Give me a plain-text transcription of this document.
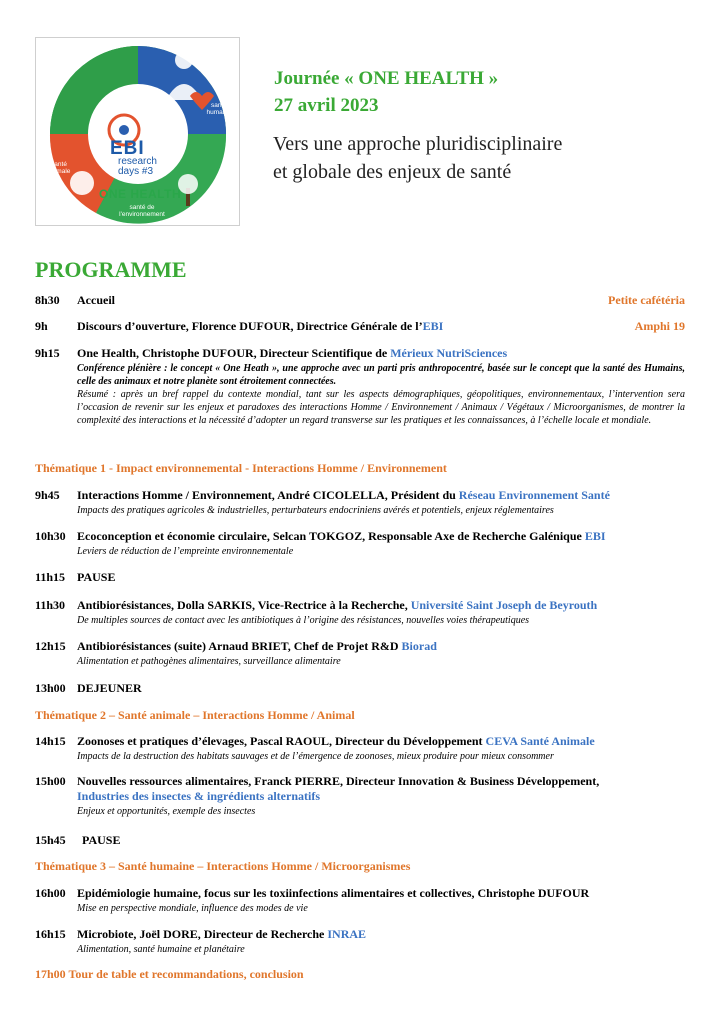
EBI
research
days #3
ONE HEALTH
santé humaine
santé animale
santé de l'environnement
Journée « ONE HEALTH »
27 avril 2023
Vers une approche pluridisciplinaire
et globale des enjeux de santé
PROGRAMME
8h30 Accueil	Petite cafétéria
9h Discours d’ouverture, Florence DUFOUR, Directrice Générale de l’EBI	Amphi 19
9h15 One Health, Christophe DUFOUR, Directeur Scientifique de Mérieux NutriSciences
Conférence plénière : le concept « One Heath », une approche avec un parti pris anthropocentré, basée sur le concept que la santé des Humains, celle des animaux et notre planète sont étroitement connectées.
Résumé : après un bref rappel du contexte mondial, tant sur les aspects démographiques, géopolitiques, environnementaux, l’intervention sera l’occasion de revenir sur les enjeux et paradoxes des interactions Homme / Environnement / Animaux / Végétaux / Microorganismes, de montrer la complexité des interactions et la nécessité d’adopter un regard transverse sur les pratiques et les connaissances, à l’échelle locale et mondiale.
Thématique 1 - Impact environnemental - Interactions Homme / Environnement
9h45 Interactions Homme / Environnement, André CICOLELLA, Président du Réseau Environnement Santé
Impacts des pratiques agricoles & industrielles, perturbateurs endocriniens avérés et potentiels, enjeux réglementaires
10h30 Ecoconception et économie circulaire, Selcan TOKGOZ, Responsable Axe de Recherche Galénique EBI
Leviers de réduction de l’empreinte environnementale
11h15 PAUSE
11h30 Antibiorésistances, Dolla SARKIS, Vice-Rectrice à la Recherche, Université Saint Joseph de Beyrouth
De multiples sources de contact avec les antibiotiques à l’origine des résistances, nouvelles voies thérapeutiques
12h15 Antibiorésistances (suite) Arnaud BRIET, Chef de Projet R&D Biorad
Alimentation et pathogènes alimentaires, surveillance alimentaire
13h00 DEJEUNER
Thématique 2 – Santé animale – Interactions Homme / Animal
14h15 Zoonoses et pratiques d’élevages, Pascal RAOUL, Directeur du Développement CEVA Santé Animale
Impacts de la destruction des habitats sauvages et de l’émergence de zoonoses, mieux produire pour mieux consommer
15h00 Nouvelles ressources alimentaires, Franck PIERRE, Directeur Innovation & Business Développement,
Industries des insectes & ingrédients alternatifs
Enjeux et opportunités, exemple des insectes
15h45 PAUSE
Thématique 3 – Santé humaine – Interactions Homme / Microorganismes
16h00 Epidémiologie humaine, focus sur les toxiinfections alimentaires et collectives, Christophe DUFOUR
Mise en perspective mondiale, influence des modes de vie
16h15 Microbiote, Joël DORE, Directeur de Recherche INRAE
Alimentation, santé humaine et planétaire
17h00 Tour de table et recommandations, conclusion
